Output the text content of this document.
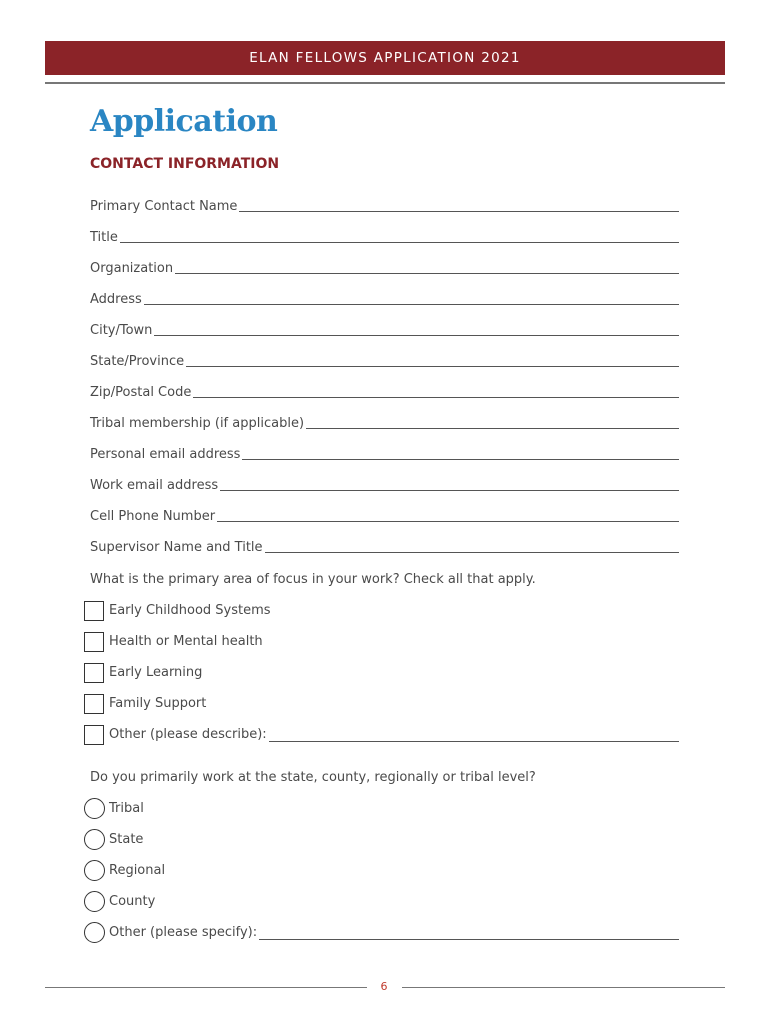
ELAN FELLOWS APPLICATION 2021
Application
CONTACT INFORMATION
Primary Contact Name
Title
Organization
Address
City/Town
State/Province
Zip/Postal Code
Tribal membership (if applicable)
Personal email address
Work email address
Cell Phone Number
Supervisor Name and Title
What is the primary area of focus in your work? Check all that apply.
Early Childhood Systems
Health or Mental health
Early Learning
Family Support
Other (please describe):
Do you primarily work at the state, county, regionally or tribal level?
Tribal
State
Regional
County
Other (please specify):
6
